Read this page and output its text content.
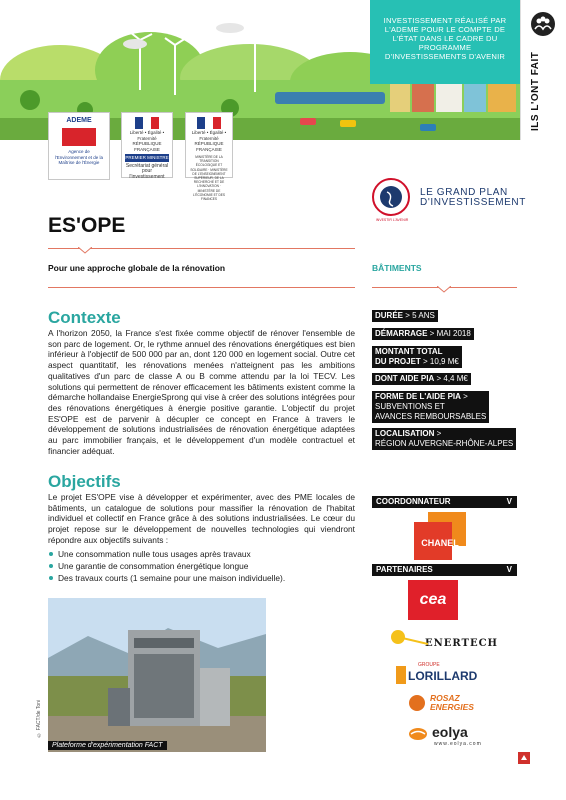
INVESTISSEMENT RÉALISÉ PAR L'ADEME POUR LE COMPTE DE L'ÉTAT DANS LE CADRE DU PROGRAMME D'INVESTISSEMENTS D'AVENIR	ILS L'ONT FAIT
ADEME
Agence de l'Environnement et de la Maîtrise de l'Énergie
Liberté • Égalité • Fraternité RÉPUBLIQUE FRANÇAISE
PREMIER MINISTRE
Secrétariat général pour l'investissement
Liberté • Égalité • Fraternité RÉPUBLIQUE FRANÇAISE
MINISTÈRE DE LA TRANSITION ÉCOLOGIQUE ET SOLIDAIRE · MINISTÈRE DE L'ENSEIGNEMENT SUPÉRIEUR, DE LA RECHERCHE ET DE L'INNOVATION · MINISTÈRE DE L'ÉCONOMIE ET DES FINANCES
INVESTIR L'AVENIR
LE GRAND PLAN
D'INVESTISSEMENT
ES'OPE
Pour une approche globale de la rénovation	BÂTIMENTS
Contexte

A l'horizon 2050, la France s'est fixée comme objectif de rénover l'ensemble de son parc de logement. Or, le rythme annuel des rénovations énergétiques est bien inférieur à l'objectif de 500 000 par an, dont 120 000 en logement social. Outre cet aspect quantitatif, les rénovations menées n'atteignent pas les ambitions qualitatives d'un parc de classe A ou B comme attendu par la loi TECV. Les solutions qui permettent de rénover efficacement les bâtiments existent comme la démarche hollandaise EnergieSprong qui vise à créer des solutions intégrées pour des rénovations énergétiques à énergie positive garantie. L'objectif du projet ES'OPE est de parvenir à décupler ce concept en France à travers le développement de solutions industrialisées de rénovation énergétique adaptées au parc immobilier français, et le développement d'un modèle contractuel et financier adéquat.

Objectifs

Le projet ES'OPE vise à développer et expérimenter, avec des PME locales de bâtiments, un catalogue de solutions pour massifier la rénovation de l'habitat individuel et collectif en France grâce à des solutions industrialisées. Le cœur du projet repose sur le développement de nouvelles technologies qui viendront répondre aux objectifs suivants :

Une consommation nulle tous usages après travaux
Une garantie de consommation énergétique longue
Des travaux courts (1 semaine pour une maison individuelle).
Plateforme d'expérimentation FACT
© FACT/de Toni
DURÉE > 5 ANS
DÉMARRAGE > MAI 2018
MONTANT TOTAL
DU PROJET > 10,9 M€
DONT AIDE PIA > 4,4 M€
FORME DE L'AIDE PIA >
SUBVENTIONS ET
AVANCES REMBOURSABLES
LOCALISATION >
RÉGION AUVERGNE-RHÔNE-ALPES
COORDONNATEUR	V
CHANEL
PARTENAIRES	V
cea
ENERTECH
GROUPE
LORILLARD
ROSAZ ENERGIES
eolya
www.eolya.com
